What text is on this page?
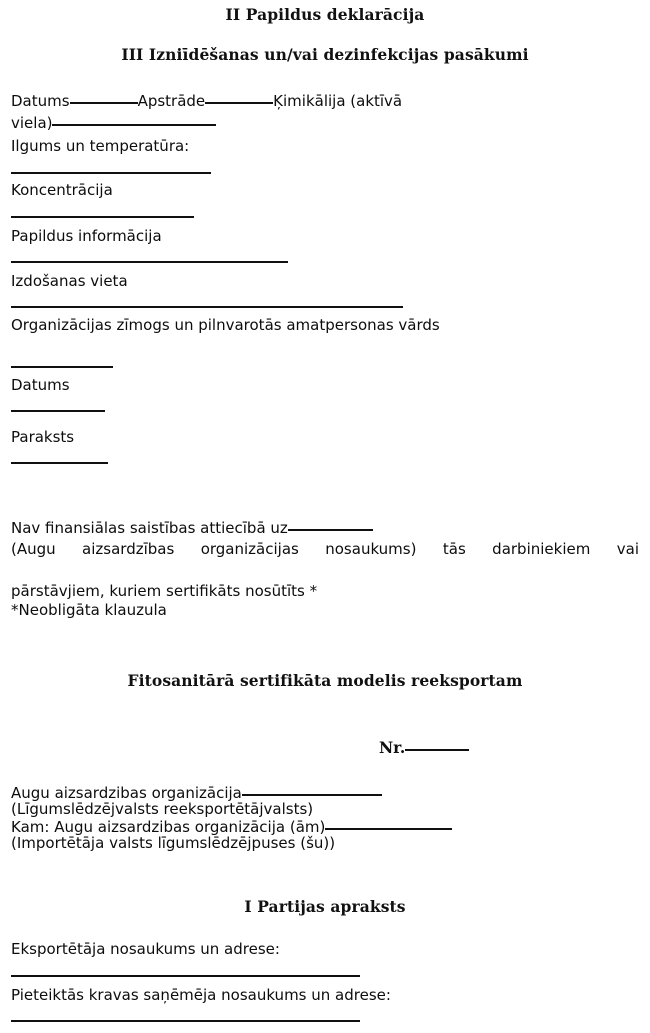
II Papildus deklarācija
III Izniīdēšanas un/vai dezinfekcijas pasākumi
Datums	Apstrāde	Ķimikālija (aktīvā
viela)
Ilgums un temperatūra:
Koncentrācija
Papildus informācija
Izdošanas vieta
Organizācijas zīmogs un pilnvarotās amatpersonas vārds
Datums
Paraksts
Nav finansiālas saistības attiecībā uz
(Augu aizsardzības organizācijas nosaukums) tās darbiniekiem vai
pārstāvjiem, kuriem sertifikāts nosūtīts *
*Neobligāta klauzula
Fitosanitārā sertifikāta modelis reeksportam
Nr.
Augu aizsardzibas organizācija
(Līgumslēdzējvalsts reeksportētājvalsts)
Kam: Augu aizsardzibas organizācija (ām)
(Importētāja valsts līgumslēdzējpuses (šu))
I Partijas apraksts
Eksportētāja nosaukums un adrese:
Pieteiktās kravas saņēmēja nosaukums un adrese:
